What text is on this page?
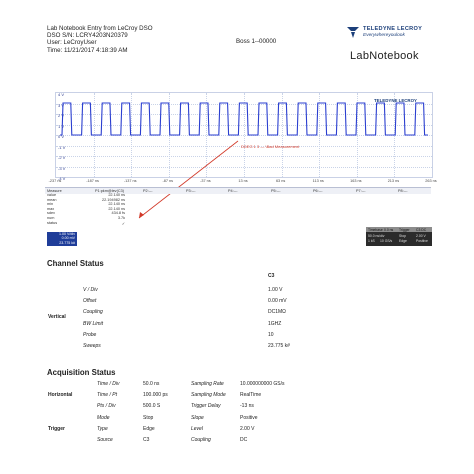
Lab Notebook Entry from LeCroy DSO
DSO S/N: LCRY4203N20379
User: LeCroyUser
Time: 11/21/2017 4:18:39 AM
Boss 1--00000
TELEDYNE LECROY
Everywhereyoulook
LabNotebook
4 V
3 V
2 V
1 V
0 V
-1 V
-2 V
-3 V
-4 V
DDEG 1 3 — \Bad Measurement
TELEDYNE LECROY
-237 ns	-187 ns	-137 ns	-87 ns	-37 ns	13 ns	63 ns	113 ns	163 ns	213 ns	263 ns
Measure	P1:pkm@lev(C3)	P2:---	P3:---	P4:---	P5:---	P6:---	P7:---	P8:---
value	22.140 ns
mean	22.194982 ns
min	22.140 ns
max	22.140 ns
sdev	434.8 fs
num	3.7k
status	✓
1.00 V/div
0.00 mV
23.775 k#
Timebase 0.0 ns Trigger C3 DC
50.0 ns/div	Stop	2.00 V
1 kS 10 GS/s Edge	Positive
Channel Status
C3
Vertical
V / Div	1.00 V
Offset	0.00 mV
Coupling	DC1MΩ
BW Limit	1GHZ
Probe	10
Sweeps	23.775 k#
Acquisition Status
Horizontal
Trigger
Time / Div	50.0 ns	Sampling Rate	10.000000000 GS/s
Time / Pt	100.000 ps	Sampling Mode	RealTime
Pts / Div	500.0 S	Trigger Delay	-13 ns
Mode	Stop	Slope	Positive
Type	Edge	Level	2.00 V
Source	C3	Coupling	DC
